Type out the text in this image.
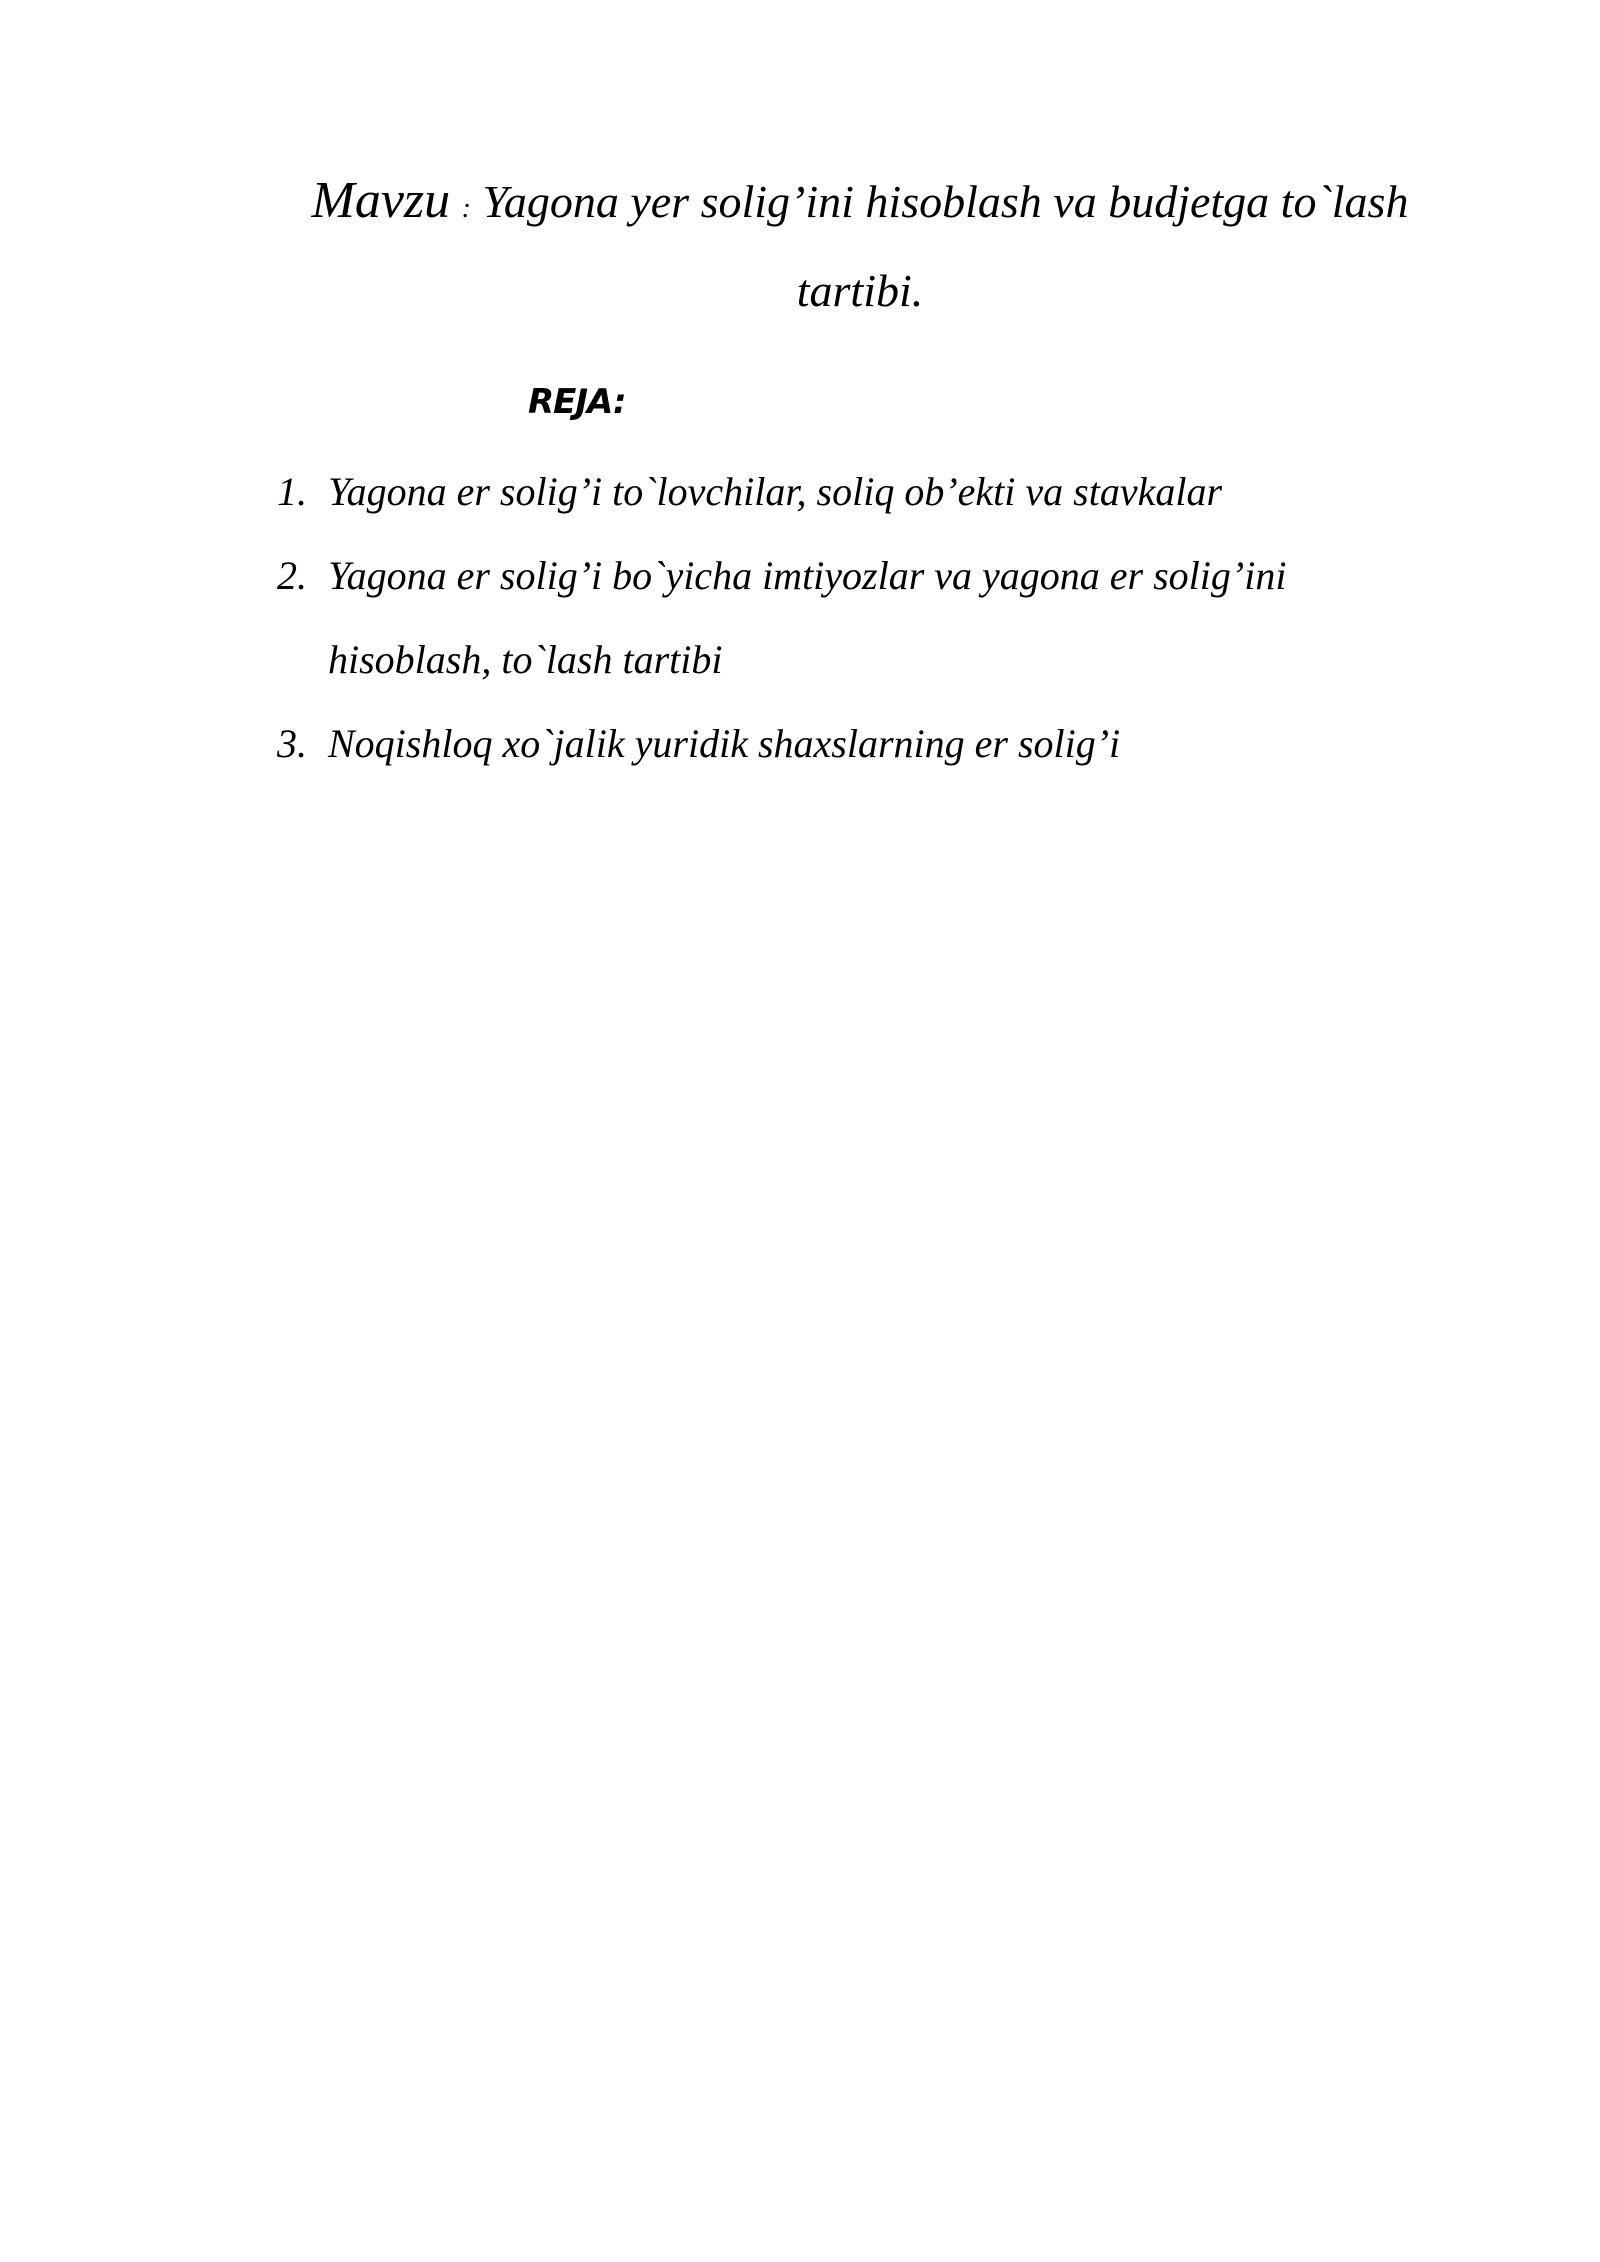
Mavzu : Yagona yer solig’ini hisoblash va budjetga to`lash tartibi.
REJA:
1. Yagona er solig’i to`lovchilar, soliq ob’ekti va stavkalar
2. Yagona er solig’i bo`yicha imtiyozlar va yagona er solig’ini hisoblash, to`lash tartibi
3. Noqishloq xo`jalik yuridik shaxslarning er solig’i
